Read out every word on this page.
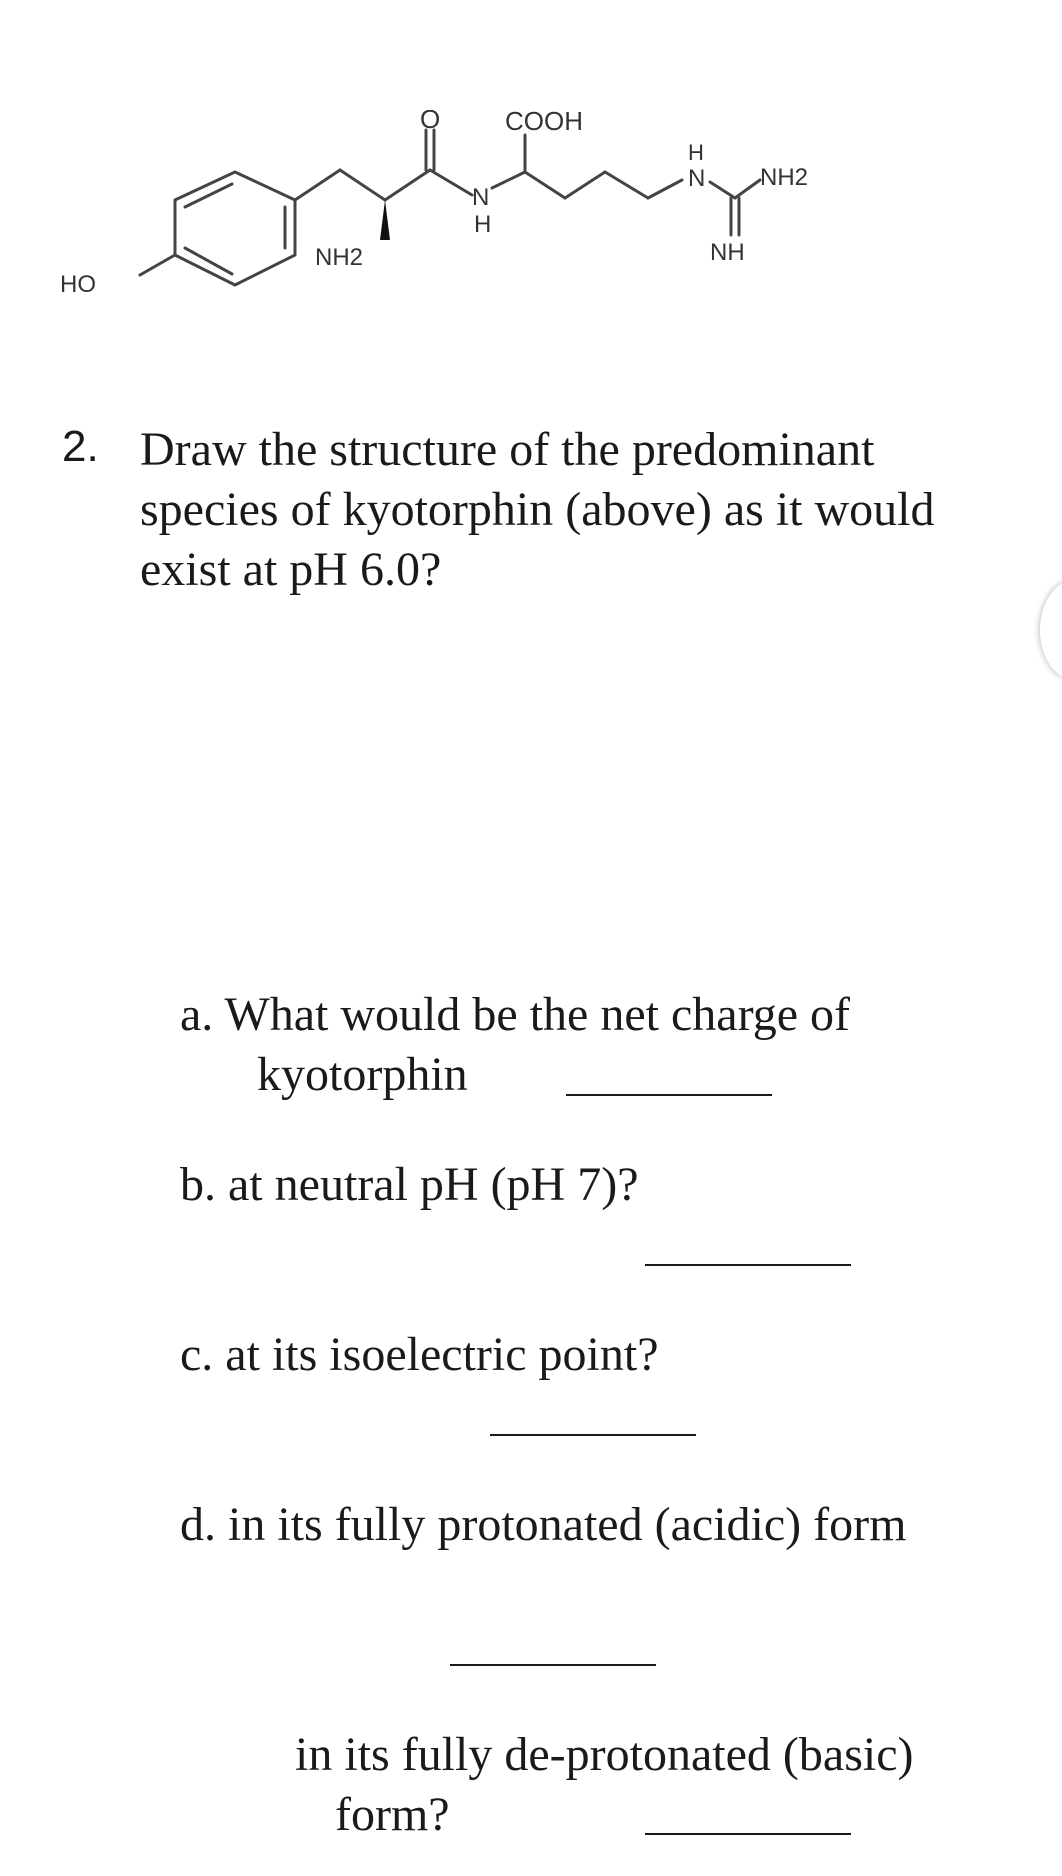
O COOH
HO
NH2
N
H
H
N NH2
NH
2. Draw the structure of the predominant
species of kyotorphin (above) as it would
exist at pH 6.0?
a. What would be the net charge of
kyotorphin
b. at neutral pH (pH 7)?
c. at its isoelectric point?
d. in its fully protonated (acidic) form
in its fully de-protonated (basic)
form?
